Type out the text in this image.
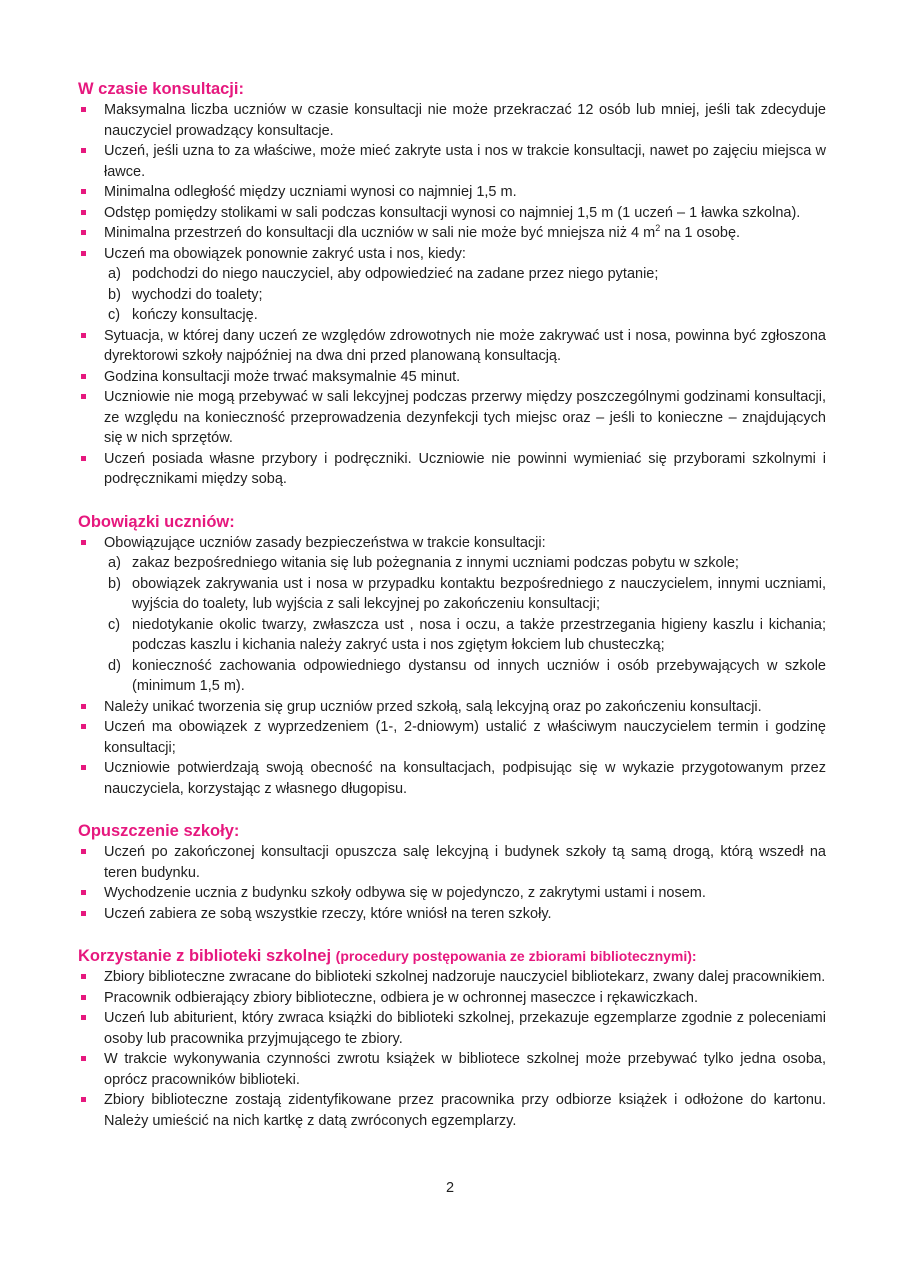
W czasie konsultacji:
Maksymalna liczba uczniów w czasie konsultacji nie może przekraczać 12 osób lub mniej, jeśli tak zdecyduje nauczyciel prowadzący konsultacje.
Uczeń, jeśli uzna to za właściwe, może mieć zakryte usta i nos w trakcie konsultacji, nawet po zajęciu miejsca w ławce.
Minimalna odległość między uczniami wynosi co najmniej 1,5 m.
Odstęp pomiędzy stolikami w sali podczas konsultacji wynosi co najmniej 1,5 m (1 uczeń – 1 ławka szkolna).
Minimalna przestrzeń do konsultacji dla uczniów w sali nie może być mniejsza niż 4 $m^2$ na 1 osobę.
Uczeń ma obowiązek ponownie zakryć usta i nos, kiedy:
a) podchodzi do niego nauczyciel, aby odpowiedzieć na zadane przez niego pytanie;
b) wychodzi do toalety;
c) kończy konsultację.
Sytuacja, w której dany uczeń ze względów zdrowotnych nie może zakrywać ust i nosa, powinna być zgłoszona dyrektorowi szkoły najpóźniej na dwa dni przed planowaną konsultacją.
Godzina konsultacji może trwać maksymalnie 45 minut.
Uczniowie nie mogą przebywać w sali lekcyjnej podczas przerwy między poszczególnymi godzinami konsultacji, ze względu na konieczność przeprowadzenia dezynfekcji tych miejsc oraz – jeśli to konieczne – znajdujących się w nich sprzętów.
Uczeń posiada własne przybory i podręczniki. Uczniowie nie powinni wymieniać się przyborami szkolnymi i podręcznikami między sobą.
Obowiązki uczniów:
Obowiązujące uczniów zasady bezpieczeństwa w trakcie konsultacji:
a) zakaz bezpośredniego witania się lub pożegnania z innymi uczniami podczas pobytu w szkole;
b) obowiązek zakrywania ust i nosa w przypadku kontaktu bezpośredniego z nauczycielem, innymi uczniami, wyjścia do toalety, lub wyjścia z sali lekcyjnej po zakończeniu konsultacji;
c) niedotykanie okolic twarzy, zwłaszcza ust , nosa i oczu, a także przestrzegania higieny kaszlu i kichania; podczas kaszlu i kichania należy zakryć usta i nos zgiętym łokciem lub chusteczką;
d) konieczność zachowania odpowiedniego dystansu od innych uczniów i osób przebywających w szkole (minimum 1,5 m).
Należy unikać tworzenia się grup uczniów przed szkołą, salą lekcyjną oraz po zakończeniu konsultacji.
Uczeń ma obowiązek z wyprzedzeniem (1-, 2-dniowym) ustalić z właściwym nauczycielem termin i godzinę konsultacji;
Uczniowie potwierdzają swoją obecność na konsultacjach, podpisując się w wykazie przygotowanym przez nauczyciela, korzystając z własnego długopisu.
Opuszczenie szkoły:
Uczeń po zakończonej konsultacji opuszcza salę lekcyjną i budynek szkoły tą samą drogą, którą wszedł na teren budynku.
Wychodzenie ucznia z budynku szkoły odbywa się w pojedynczo, z zakrytymi ustami i nosem.
Uczeń zabiera ze sobą wszystkie rzeczy, które wniósł na teren szkoły.
Korzystanie z biblioteki szkolnej (procedury postępowania ze zbiorami bibliotecznymi):
Zbiory biblioteczne zwracane do biblioteki szkolnej nadzoruje nauczyciel bibliotekarz, zwany dalej pracownikiem.
Pracownik odbierający zbiory biblioteczne, odbiera je w ochronnej maseczce i rękawiczkach.
Uczeń lub abiturient, który zwraca książki do biblioteki szkolnej, przekazuje egzemplarze zgodnie z poleceniami osoby lub pracownika przyjmującego te zbiory.
W trakcie wykonywania czynności zwrotu książek w bibliotece szkolnej może przebywać tylko jedna osoba, oprócz pracowników biblioteki.
Zbiory biblioteczne zostają zidentyfikowane przez pracownika przy odbiorze książek i odłożone do kartonu. Należy umieścić na nich kartkę z datą zwróconych egzemplarzy.
2
